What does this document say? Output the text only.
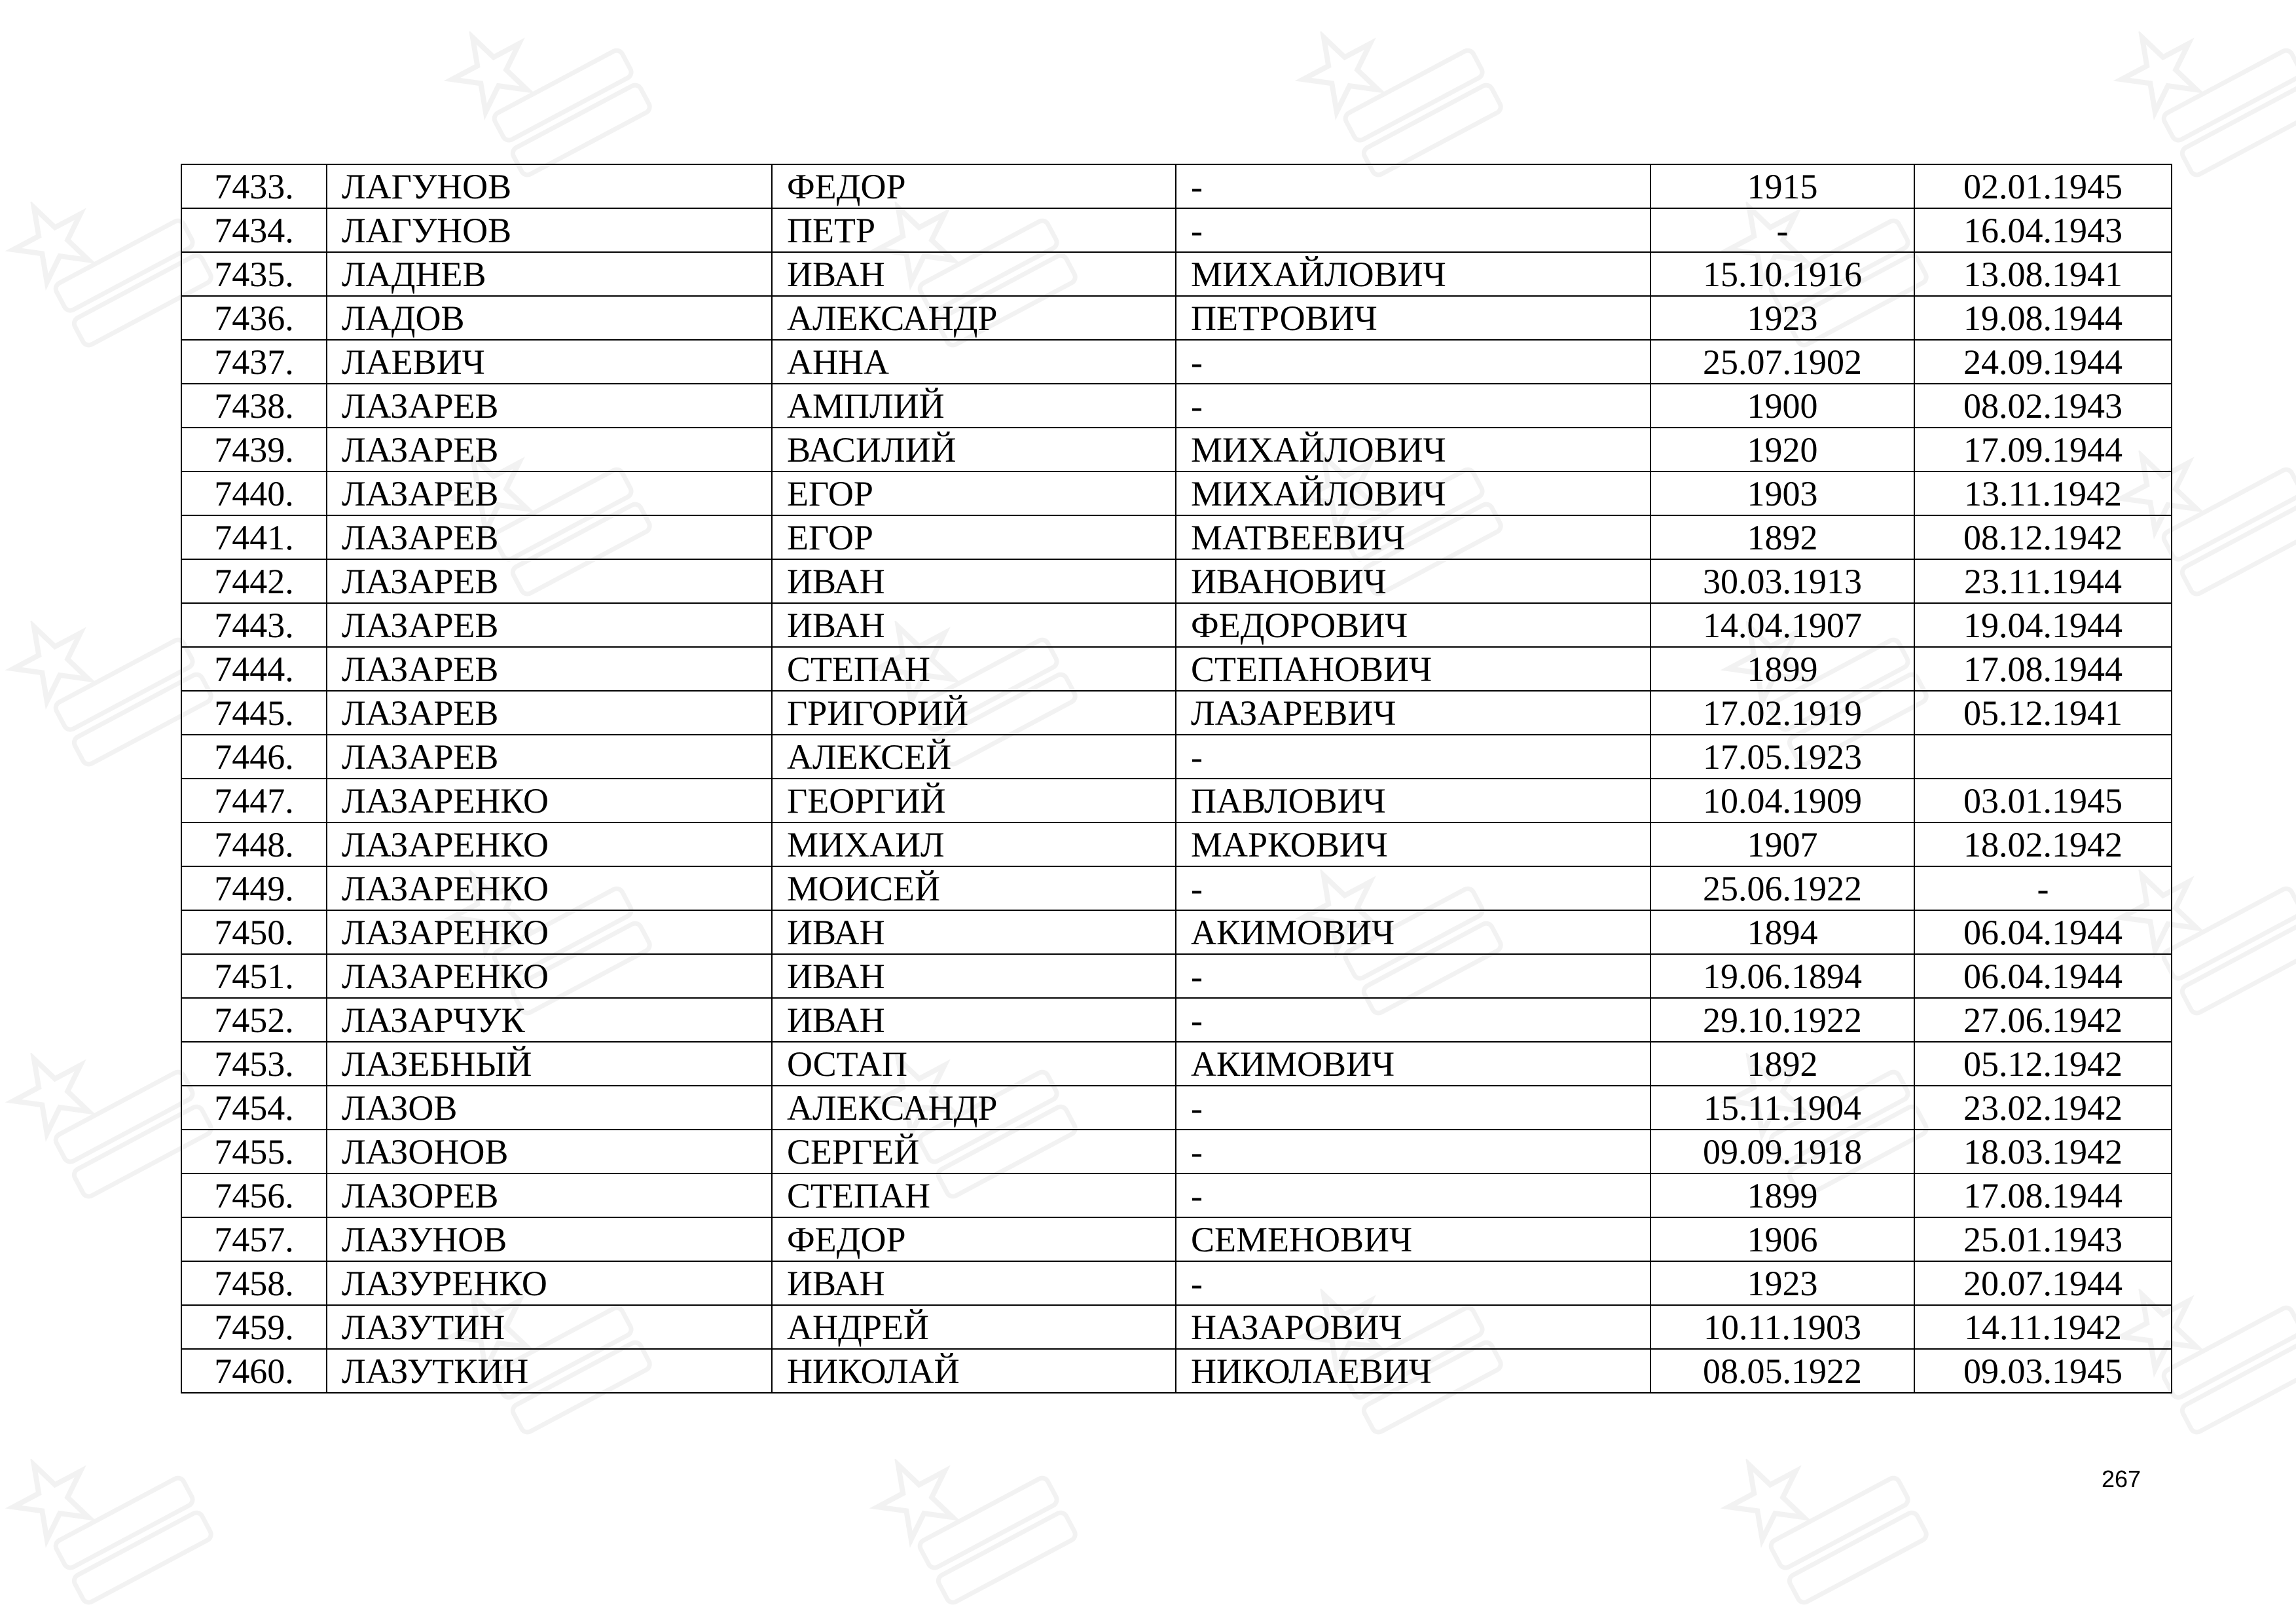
7433.	ЛАГУНОВ	ФЕДОР	-	1915	02.01.1945
7434.	ЛАГУНОВ	ПЕТР	-	-	16.04.1943
7435.	ЛАДНЕВ	ИВАН	МИХАЙЛОВИЧ	15.10.1916	13.08.1941
7436.	ЛАДОВ	АЛЕКСАНДР	ПЕТРОВИЧ	1923	19.08.1944
7437.	ЛАЕВИЧ	АННА	-	25.07.1902	24.09.1944
7438.	ЛАЗАРЕВ	АМПЛИЙ	-	1900	08.02.1943
7439.	ЛАЗАРЕВ	ВАСИЛИЙ	МИХАЙЛОВИЧ	1920	17.09.1944
7440.	ЛАЗАРЕВ	ЕГОР	МИХАЙЛОВИЧ	1903	13.11.1942
7441.	ЛАЗАРЕВ	ЕГОР	МАТВЕЕВИЧ	1892	08.12.1942
7442.	ЛАЗАРЕВ	ИВАН	ИВАНОВИЧ	30.03.1913	23.11.1944
7443.	ЛАЗАРЕВ	ИВАН	ФЕДОРОВИЧ	14.04.1907	19.04.1944
7444.	ЛАЗАРЕВ	СТЕПАН	СТЕПАНОВИЧ	1899	17.08.1944
7445.	ЛАЗАРЕВ	ГРИГОРИЙ	ЛАЗАРЕВИЧ	17.02.1919	05.12.1941
7446.	ЛАЗАРЕВ	АЛЕКСЕЙ	-	17.05.1923	
7447.	ЛАЗАРЕНКО	ГЕОРГИЙ	ПАВЛОВИЧ	10.04.1909	03.01.1945
7448.	ЛАЗАРЕНКО	МИХАИЛ	МАРКОВИЧ	1907	18.02.1942
7449.	ЛАЗАРЕНКО	МОИСЕЙ	-	25.06.1922	-
7450.	ЛАЗАРЕНКО	ИВАН	АКИМОВИЧ	1894	06.04.1944
7451.	ЛАЗАРЕНКО	ИВАН	-	19.06.1894	06.04.1944
7452.	ЛАЗАРЧУК	ИВАН	-	29.10.1922	27.06.1942
7453.	ЛАЗЕБНЫЙ	ОСТАП	АКИМОВИЧ	1892	05.12.1942
7454.	ЛАЗОВ	АЛЕКСАНДР	-	15.11.1904	23.02.1942
7455.	ЛАЗОНОВ	СЕРГЕЙ	-	09.09.1918	18.03.1942
7456.	ЛАЗОРЕВ	СТЕПАН	-	1899	17.08.1944
7457.	ЛАЗУНОВ	ФЕДОР	СЕМЕНОВИЧ	1906	25.01.1943
7458.	ЛАЗУРЕНКО	ИВАН	-	1923	20.07.1944
7459.	ЛАЗУТИН	АНДРЕЙ	НАЗАРОВИЧ	10.11.1903	14.11.1942
7460.	ЛАЗУТКИН	НИКОЛАЙ	НИКОЛАЕВИЧ	08.05.1922	09.03.1945
267
